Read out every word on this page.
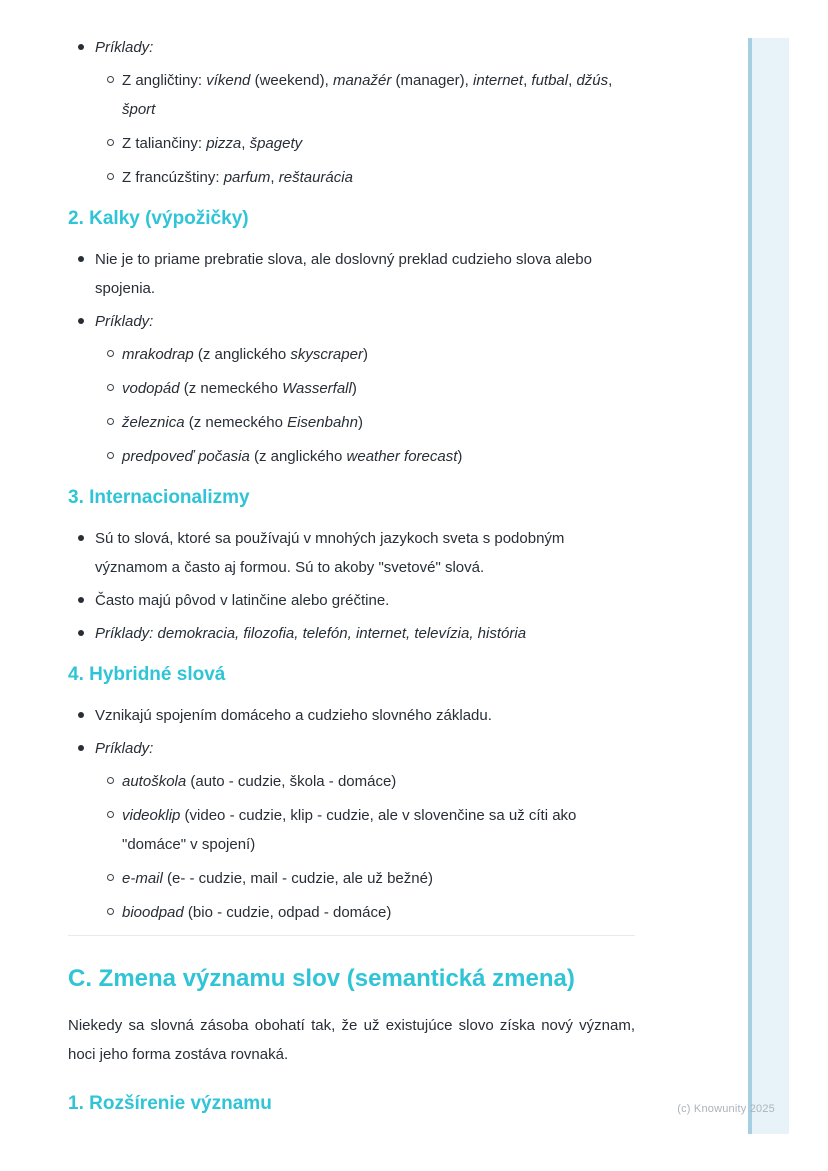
Príklady:
Z angličtiny: víkend (weekend), manažér (manager), internet, futbal, džús, šport
Z taliančiny: pizza, špagety
Z francúzštiny: parfum, reštaurácia
2. Kalky (výpožičky)
Nie je to priame prebratie slova, ale doslovný preklad cudzieho slova alebo spojenia.
Príklady:
mrakodrap (z anglického skyscraper)
vodopád (z nemeckého Wasserfall)
železnica (z nemeckého Eisenbahn)
predpoveď počasia (z anglického weather forecast)
3. Internacionalizmy
Sú to slová, ktoré sa používajú v mnohých jazykoch sveta s podobným významom a často aj formou. Sú to akoby "svetové" slová.
Často majú pôvod v latinčine alebo gréčtine.
Príklady: demokracia, filozofia, telefón, internet, televízia, história
4. Hybridné slová
Vznikajú spojením domáceho a cudzieho slovného základu.
Príklady:
autoškola (auto - cudzie, škola - domáce)
videoklip (video - cudzie, klip - cudzie, ale v slovenčine sa už cíti ako "domáce" v spojení)
e-mail (e- - cudzie, mail - cudzie, ale už bežné)
bioodpad (bio - cudzie, odpad - domáce)
C. Zmena významu slov (semantická zmena)

Niekedy sa slovná zásoba obohatí tak, že už existujúce slovo získa nový význam, hoci jeho forma zostáva rovnaká.

1. Rozšírenie významu	(c) Knowunity 2025
